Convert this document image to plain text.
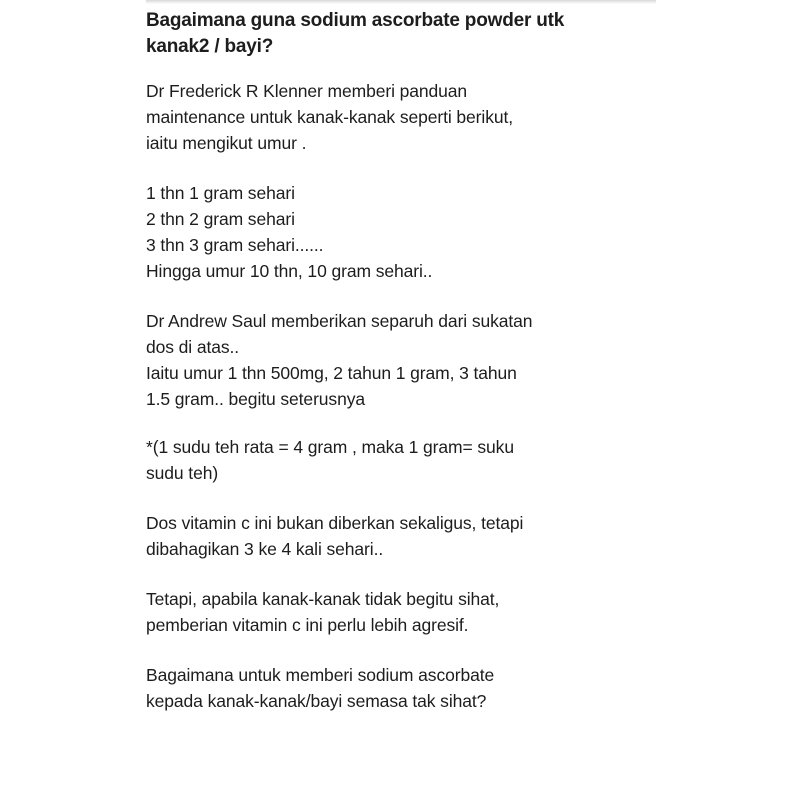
Bagaimana guna sodium ascorbate powder utk
kanak2 / bayi?

Dr Frederick R Klenner memberi panduan
maintenance untuk kanak-kanak seperti berikut,
iaitu mengikut umur .

1 thn 1 gram sehari
2 thn 2 gram sehari
3 thn 3 gram sehari......
Hingga umur 10 thn, 10 gram sehari..

Dr Andrew Saul memberikan separuh dari sukatan
dos di atas..
Iaitu umur 1 thn 500mg, 2 tahun 1 gram, 3 tahun
1.5 gram.. begitu seterusnya

*(1 sudu teh rata = 4 gram , maka 1 gram= suku
sudu teh)

Dos vitamin c ini bukan diberkan sekaligus, tetapi
dibahagikan 3 ke 4 kali sehari..

Tetapi, apabila kanak-kanak tidak begitu sihat,
pemberian vitamin c ini perlu lebih agresif.

Bagaimana untuk memberi sodium ascorbate
kepada kanak-kanak/bayi semasa tak sihat?
